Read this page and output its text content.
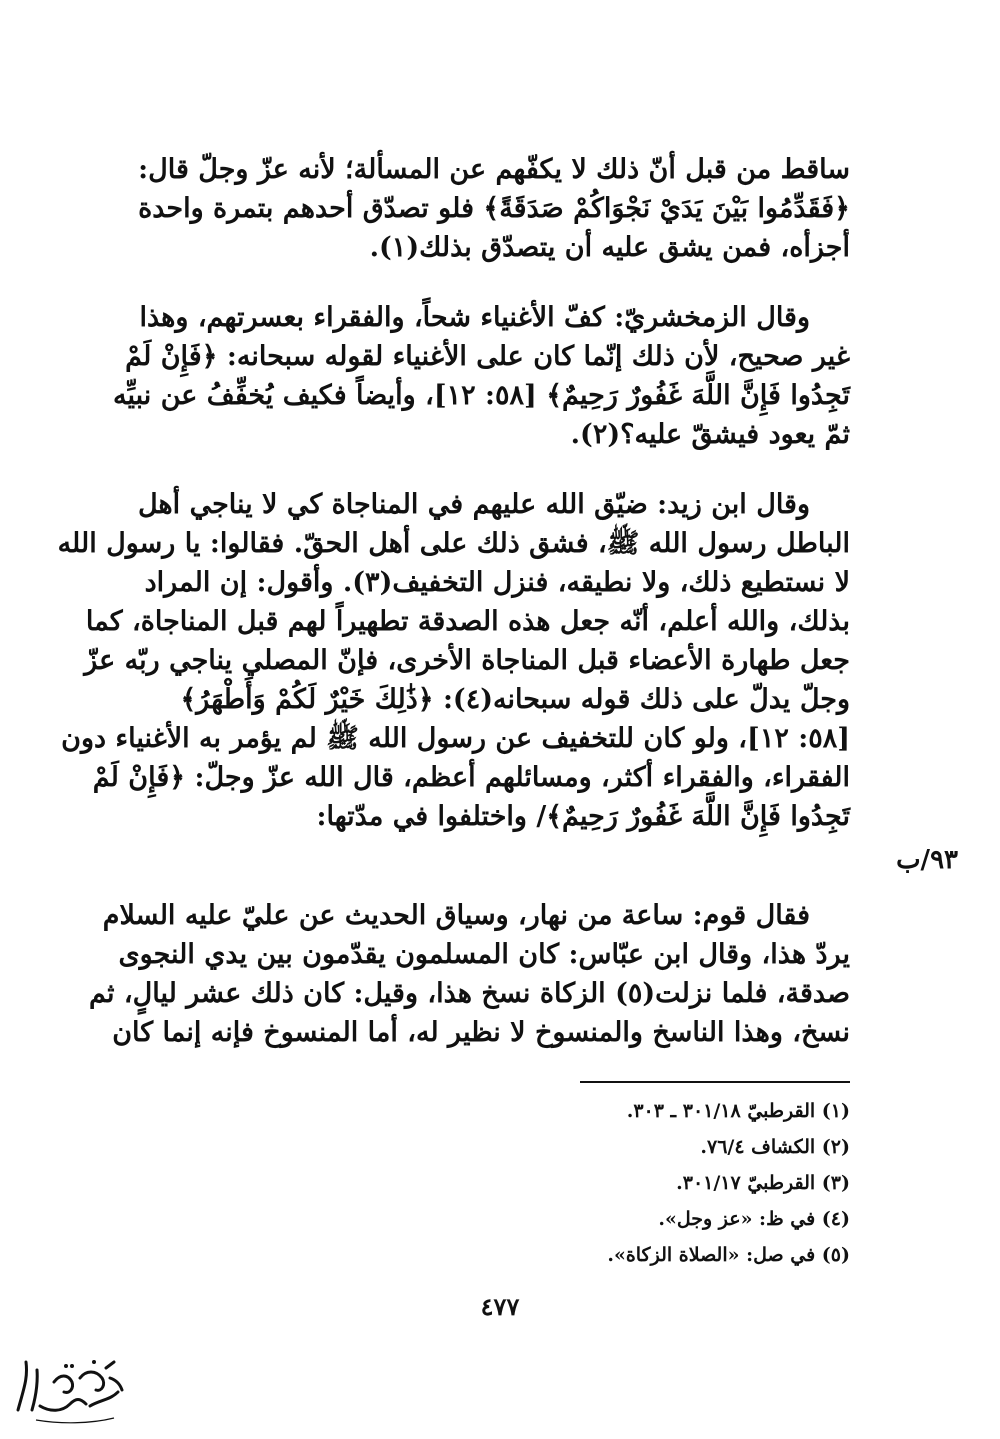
ساقط من قبل أنّ ذلك لا يكفّهم عن المسألة؛ لأنه عزّ وجلّ قال:
﴿فَقَدِّمُوا بَيْنَ يَدَيْ نَجْوَاكُمْ صَدَقَةً﴾ فلو تصدّق أحدهم بتمرة واحدة
أجزأه، فمن يشق عليه أن يتصدّق بذلك(١).
وقال الزمخشريّ: كفّ الأغنياء شحاً، والفقراء بعسرتهم، وهذا
غير صحيح، لأن ذلك إنّما كان على الأغنياء لقوله سبحانه: ﴿فَإِنْ لَمْ
تَجِدُوا فَإِنَّ اللَّهَ غَفُورٌ رَحِيمٌ﴾ [٥٨: ١٢]، وأيضاً فكيف يُخفِّفُ عن نبيِّه
ثمّ يعود فيشقّ عليه؟(٢).
وقال ابن زيد: ضيّق الله عليهم في المناجاة كي لا يناجي أهل
الباطل رسول الله ﷺ، فشق ذلك على أهل الحقّ. فقالوا: يا رسول الله
لا نستطيع ذلك، ولا نطيقه، فنزل التخفيف(٣). وأقول: إن المراد
بذلك، والله أعلم، أنّه جعل هذه الصدقة تطهيراً لهم قبل المناجاة، كما
جعل طهارة الأعضاء قبل المناجاة الأخرى، فإنّ المصلي يناجي ربّه عزّ
وجلّ يدلّ على ذلك قوله سبحانه(٤): ﴿ذَٰلِكَ خَيْرٌ لَكُمْ وَأَطْهَرُ﴾
[٥٨: ١٢]، ولو كان للتخفيف عن رسول الله ﷺ لم يؤمر به الأغنياء دون
الفقراء، والفقراء أكثر، ومسائلهم أعظم، قال الله عزّ وجلّ: ﴿فَإِنْ لَمْ
تَجِدُوا فَإِنَّ اللَّهَ غَفُورٌ رَحِيمٌ﴾/ واختلفوا في مدّتها:
٩٣/ب
فقال قوم: ساعة من نهار، وسياق الحديث عن عليّ عليه السلام
يردّ هذا، وقال ابن عبّاس: كان المسلمون يقدّمون بين يدي النجوى
صدقة، فلما نزلت(٥) الزكاة نسخ هذا، وقيل: كان ذلك عشر ليالٍ، ثم
نسخ، وهذا الناسخ والمنسوخ لا نظير له، أما المنسوخ فإنه إنما كان
(١) القرطبيّ ٣٠١/١٨ ـ ٣٠٣.
(٢) الكشاف ٧٦/٤.
(٣) القرطبيّ ٣٠١/١٧.
(٤) في ظ: «عز وجل».
(٥) في صل: «الصلاة الزكاة».
٤٧٧
